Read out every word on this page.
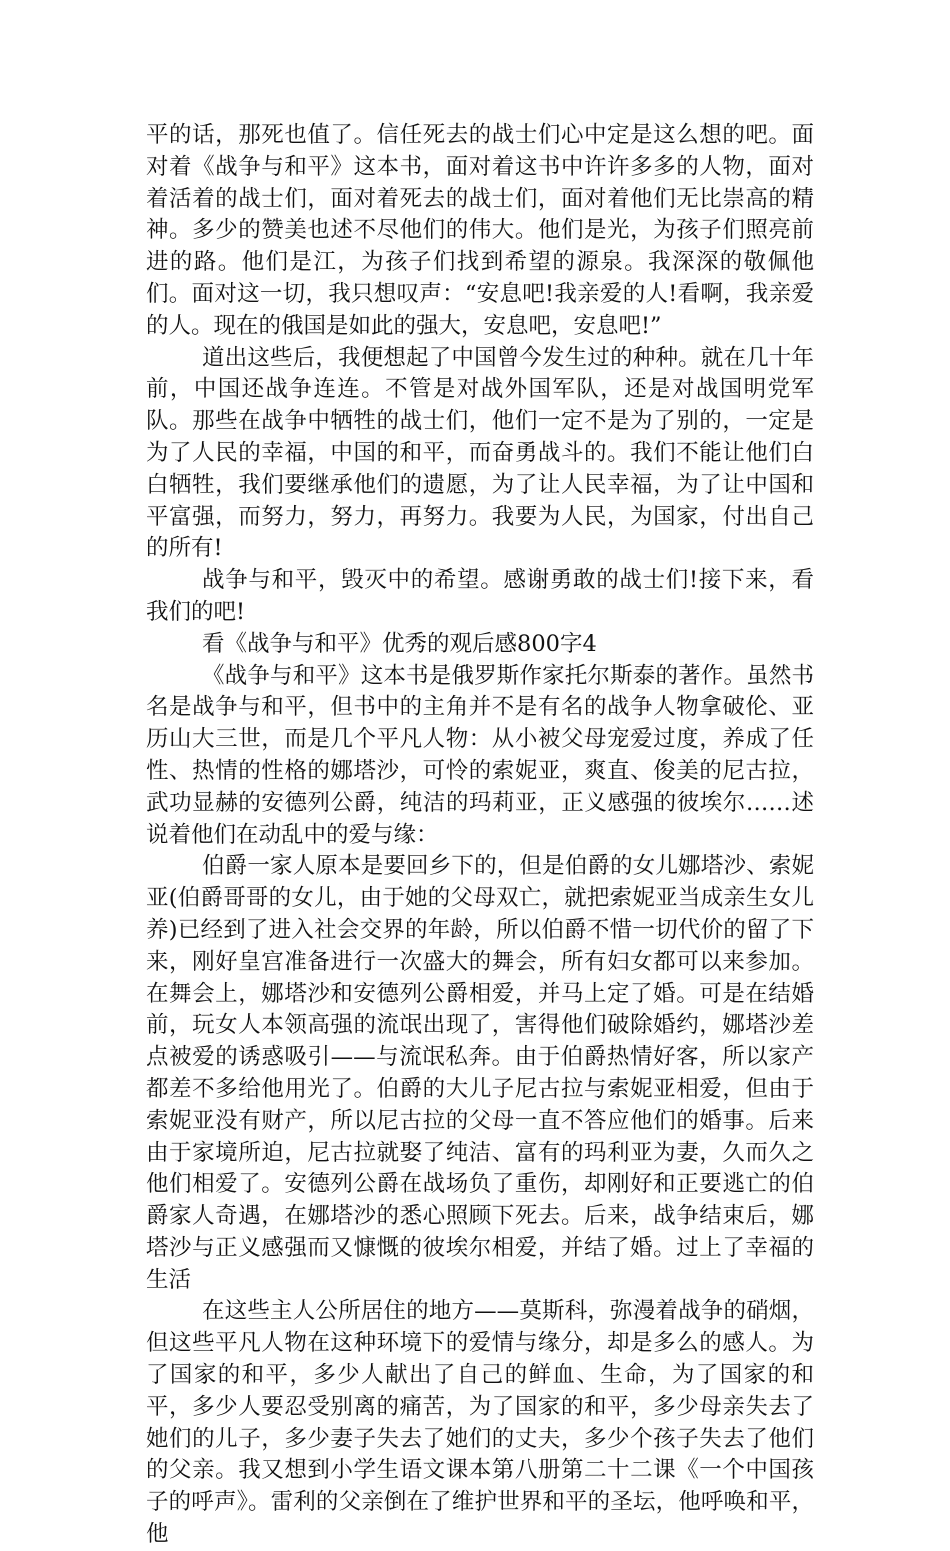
平的话，那死也值了。信任死去的战士们心中定是这么想的吧。面对着《战争与和平》这本书，面对着这书中许许多多的人物，面对着活着的战士们，面对着死去的战士们，面对着他们无比崇高的精神。多少的赞美也述不尽他们的伟大。他们是光，为孩子们照亮前进的路。他们是江，为孩子们找到希望的源泉。我深深的敬佩他们。面对这一切，我只想叹声：“安息吧!我亲爱的人!看啊，我亲爱的人。现在的俄国是如此的强大，安息吧，安息吧!”

道出这些后，我便想起了中国曾今发生过的种种。就在几十年前，中国还战争连连。不管是对战外国军队，还是对战国明党军队。那些在战争中牺牲的战士们，他们一定不是为了别的，一定是为了人民的幸福，中国的和平，而奋勇战斗的。我们不能让他们白白牺牲，我们要继承他们的遗愿，为了让人民幸福，为了让中国和平富强，而努力，努力，再努力。我要为人民，为国家，付出自己的所有!

战争与和平，毁灭中的希望。感谢勇敢的战士们!接下来，看我们的吧!

看《战争与和平》优秀的观后感800字4

《战争与和平》这本书是俄罗斯作家托尔斯泰的著作。虽然书名是战争与和平，但书中的主角并不是有名的战争人物拿破伦、亚历山大三世，而是几个平凡人物：从小被父母宠爱过度，养成了任性、热情的性格的娜塔沙，可怜的索妮亚，爽直、俊美的尼古拉，武功显赫的安德列公爵，纯洁的玛莉亚，正义感强的彼埃尔……述说着他们在动乱中的爱与缘：

伯爵一家人原本是要回乡下的，但是伯爵的女儿娜塔沙、索妮亚(伯爵哥哥的女儿，由于她的父母双亡，就把索妮亚当成亲生女儿养)已经到了进入社会交界的年龄，所以伯爵不惜一切代价的留了下来，刚好皇宫准备进行一次盛大的舞会，所有妇女都可以来参加。在舞会上，娜塔沙和安德列公爵相爱，并马上定了婚。可是在结婚前，玩女人本领高强的流氓出现了，害得他们破除婚约，娜塔沙差点被爱的诱惑吸引——与流氓私奔。由于伯爵热情好客，所以家产都差不多给他用光了。伯爵的大儿子尼古拉与索妮亚相爱，但由于索妮亚没有财产，所以尼古拉的父母一直不答应他们的婚事。后来由于家境所迫，尼古拉就娶了纯洁、富有的玛利亚为妻，久而久之他们相爱了。安德列公爵在战场负了重伤，却刚好和正要逃亡的伯爵家人奇遇，在娜塔沙的悉心照顾下死去。后来，战争结束后，娜塔沙与正义感强而又慷慨的彼埃尔相爱，并结了婚。过上了幸福的生活

在这些主人公所居住的地方——莫斯科，弥漫着战争的硝烟，但这些平凡人物在这种环境下的爱情与缘分，却是多么的感人。为了国家的和平，多少人献出了自己的鲜血、生命，为了国家的和平，多少人要忍受别离的痛苦，为了国家的和平，多少母亲失去了她们的儿子，多少妻子失去了她们的丈夫，多少个孩子失去了他们的父亲。我又想到小学生语文课本第八册第二十二课《一个中国孩子的呼声》。雷利的父亲倒在了维护世界和平的圣坛，他呼唤和平，他
